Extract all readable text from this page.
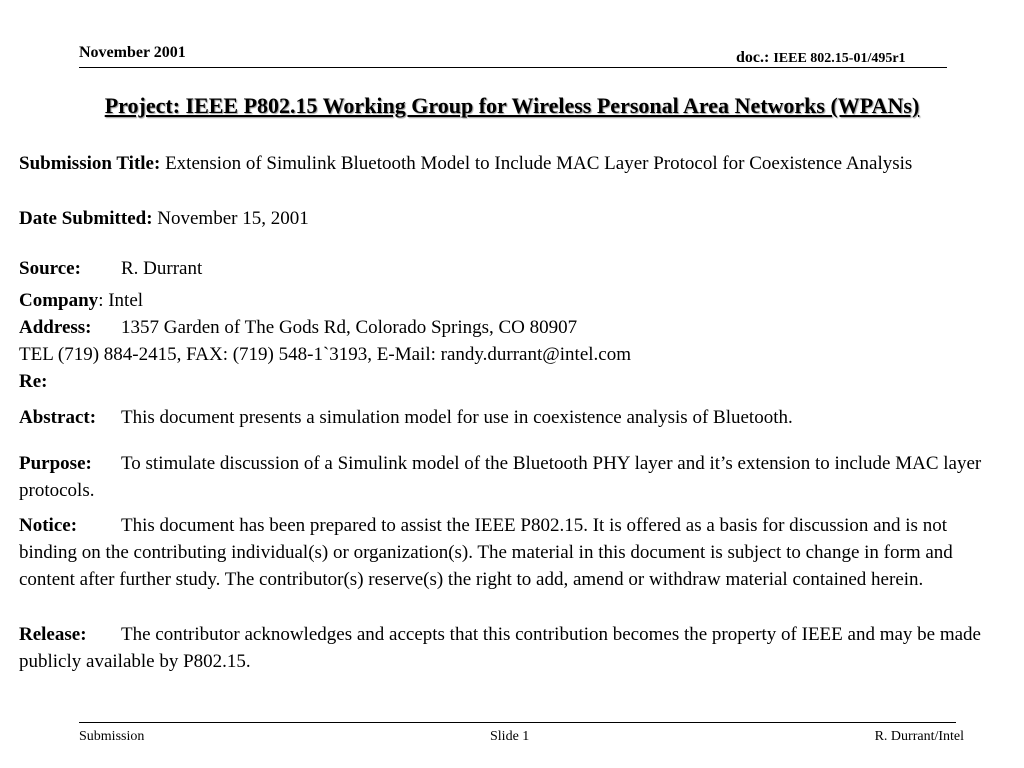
November 2001	doc.: IEEE 802.15-01/495r1
Project: IEEE P802.15 Working Group for Wireless Personal Area Networks (WPANs)
Submission Title: Extension of Simulink Bluetooth Model to Include MAC Layer Protocol for Coexistence Analysis
Date Submitted: November 15, 2001
Source: R. Durrant
Company: Intel
Address: 1357 Garden of The Gods Rd, Colorado Springs, CO 80907
TEL (719) 884-2415, FAX: (719) 548-1`3193, E-Mail: randy.durrant@intel.com
Re:
Abstract: This document presents a simulation model for use in coexistence analysis of Bluetooth.
Purpose: To stimulate discussion of a Simulink model of the Bluetooth PHY layer and it’s extension to include MAC layer protocols.
Notice: This document has been prepared to assist the IEEE P802.15. It is offered as a basis for discussion and is not binding on the contributing individual(s) or organization(s). The material in this document is subject to change in form and content after further study. The contributor(s) reserve(s) the right to add, amend or withdraw material contained herein.
Release: The contributor acknowledges and accepts that this contribution becomes the property of IEEE and may be made publicly available by P802.15.
Submission	Slide 1	R. Durrant/Intel
